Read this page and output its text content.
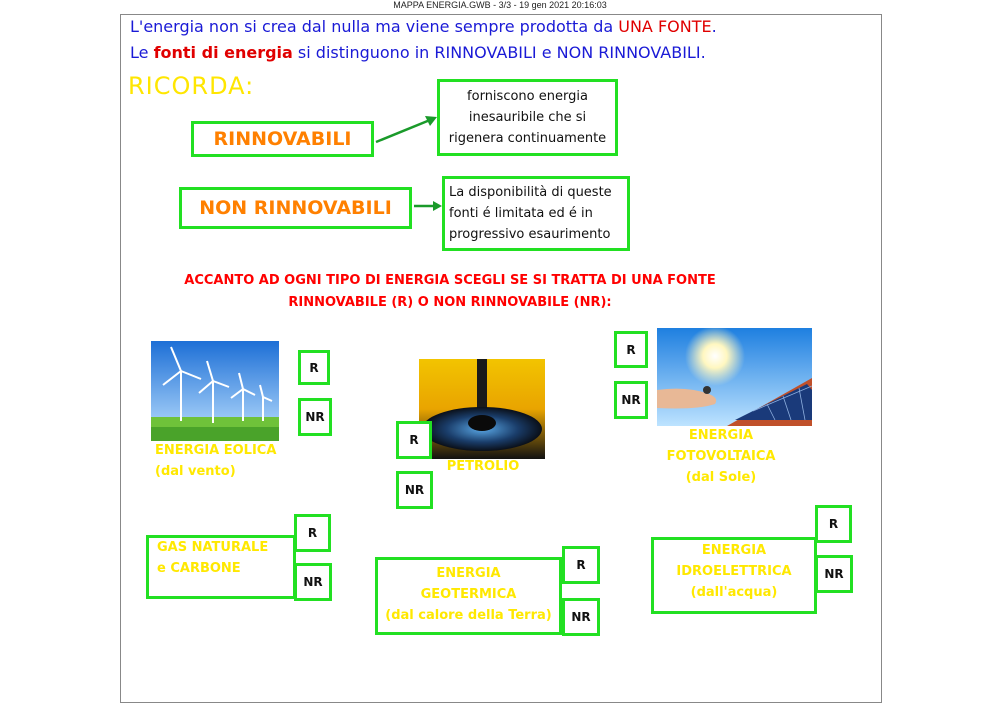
MAPPA ENERGIA.GWB - 3/3 - 19 gen 2021 20:16:03
L'energia non si crea dal nulla ma viene sempre prodotta da UNA FONTE.
Le fonti di energia si distinguono in RINNOVABILI e NON RINNOVABILI.
RICORDA:
RINNOVABILI
forniscono energia
inesauribile che si
rigenera continuamente
NON RINNOVABILI
La disponibilità di queste
fonti é limitata ed é in
progressivo esaurimento
ACCANTO AD OGNI TIPO DI ENERGIA SCEGLI SE SI TRATTA DI UNA FONTE
RINNOVABILE (R) O NON RINNOVABILE (NR):
R
NR
ENERGIA EOLICA
(dal vento)
R
NR
PETROLIO
R
NR
ENERGIA
FOTOVOLTAICA
(dal Sole)
GAS NATURALE
e CARBONE
R
NR
ENERGIA
GEOTERMICA
(dal calore della Terra)
R
NR
ENERGIA
IDROELETTRICA
(dall'acqua)
R
NR
